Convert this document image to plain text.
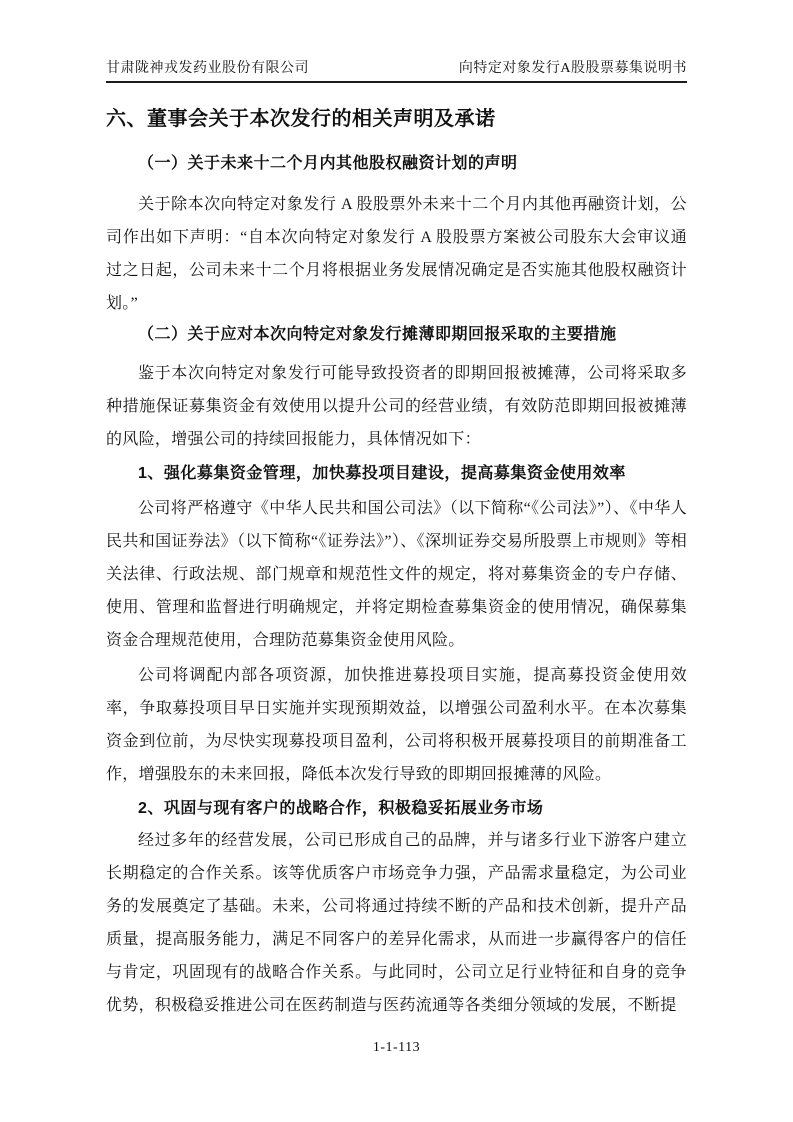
甘肃陇神戎发药业股份有限公司	向特定对象发行A股股票募集说明书
六、董事会关于本次发行的相关声明及承诺
（一）关于未来十二个月内其他股权融资计划的声明

关于除本次向特定对象发行 A 股股票外未来十二个月内其他再融资计划，公司作出如下声明：“自本次向特定对象发行 A 股股票方案被公司股东大会审议通过之日起，公司未来十二个月将根据业务发展情况确定是否实施其他股权融资计划。”

（二）关于应对本次向特定对象发行摊薄即期回报采取的主要措施

鉴于本次向特定对象发行可能导致投资者的即期回报被摊薄，公司将采取多种措施保证募集资金有效使用以提升公司的经营业绩，有效防范即期回报被摊薄的风险，增强公司的持续回报能力，具体情况如下：

1、强化募集资金管理，加快募投项目建设，提高募集资金使用效率

公司将严格遵守《中华人民共和国公司法》（以下简称“《公司法》”）、《中华人民共和国证券法》（以下简称“《证券法》”）、《深圳证券交易所股票上市规则》等相关法律、行政法规、部门规章和规范性文件的规定，将对募集资金的专户存储、使用、管理和监督进行明确规定，并将定期检查募集资金的使用情况，确保募集资金合理规范使用，合理防范募集资金使用风险。

公司将调配内部各项资源，加快推进募投项目实施，提高募投资金使用效率，争取募投项目早日实施并实现预期效益，以增强公司盈利水平。在本次募集资金到位前，为尽快实现募投项目盈利，公司将积极开展募投项目的前期准备工作，增强股东的未来回报，降低本次发行导致的即期回报摊薄的风险。

2、巩固与现有客户的战略合作，积极稳妥拓展业务市场

经过多年的经营发展，公司已形成自己的品牌，并与诸多行业下游客户建立长期稳定的合作关系。该等优质客户市场竞争力强，产品需求量稳定，为公司业务的发展奠定了基础。未来，公司将通过持续不断的产品和技术创新，提升产品质量，提高服务能力，满足不同客户的差异化需求，从而进一步赢得客户的信任与肯定，巩固现有的战略合作关系。与此同时，公司立足行业特征和自身的竞争优势，积极稳妥推进公司在医药制造与医药流通等各类细分领域的发展，不断提

1-1-113
